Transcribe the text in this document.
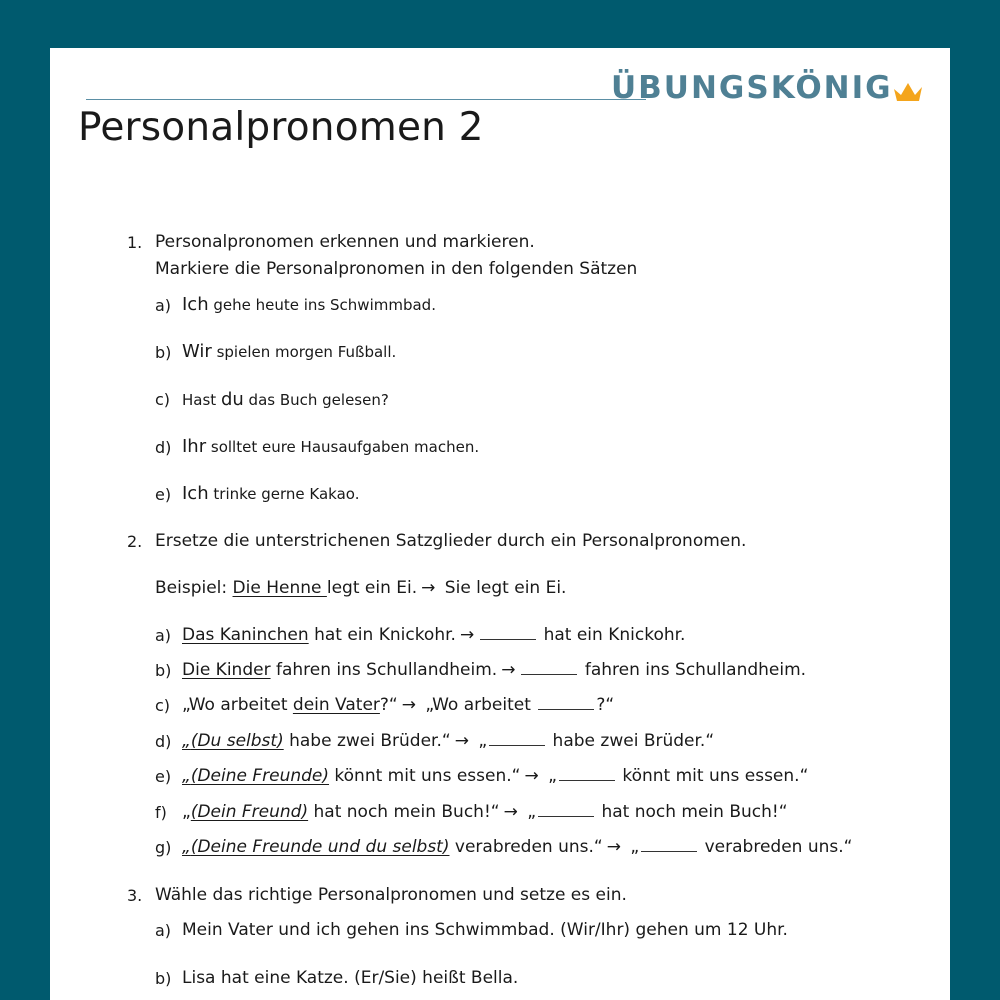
ÜBUNGSKÖNIG
Personalpronomen 2
1. Personalpronomen erkennen und markieren.
Markiere die Personalpronomen in den folgenden Sätzen
a) Ich gehe heute ins Schwimmbad.
b) Wir spielen morgen Fußball.
c) Hast du das Buch gelesen?
d) Ihr solltet eure Hausaufgaben machen.
e) Ich trinke gerne Kakao.
2. Ersetze die unterstrichenen Satzglieder durch ein Personalpronomen.
Beispiel: Die Henne legt ein Ei. → Sie legt ein Ei.
a) Das Kaninchen hat ein Knickohr. →	hat ein Knickohr.
b) Die Kinder fahren ins Schullandheim. →	fahren ins Schullandheim.
c) „Wo arbeitet dein Vater?“ → „Wo arbeitet	?“
d) „(Du selbst) habe zwei Brüder.“ → „	habe zwei Brüder.“
e) „(Deine Freunde) könnt mit uns essen.“ → „	könnt mit uns essen.“
f) „(Dein Freund) hat noch mein Buch!“ → „	hat noch mein Buch!“
g) „(Deine Freunde und du selbst) verabreden uns.“ → „	verabreden uns.“
3. Wähle das richtige Personalpronomen und setze es ein.
a) Mein Vater und ich gehen ins Schwimmbad. (Wir/Ihr) gehen um 12 Uhr.
b) Lisa hat eine Katze. (Er/Sie) heißt Bella.
